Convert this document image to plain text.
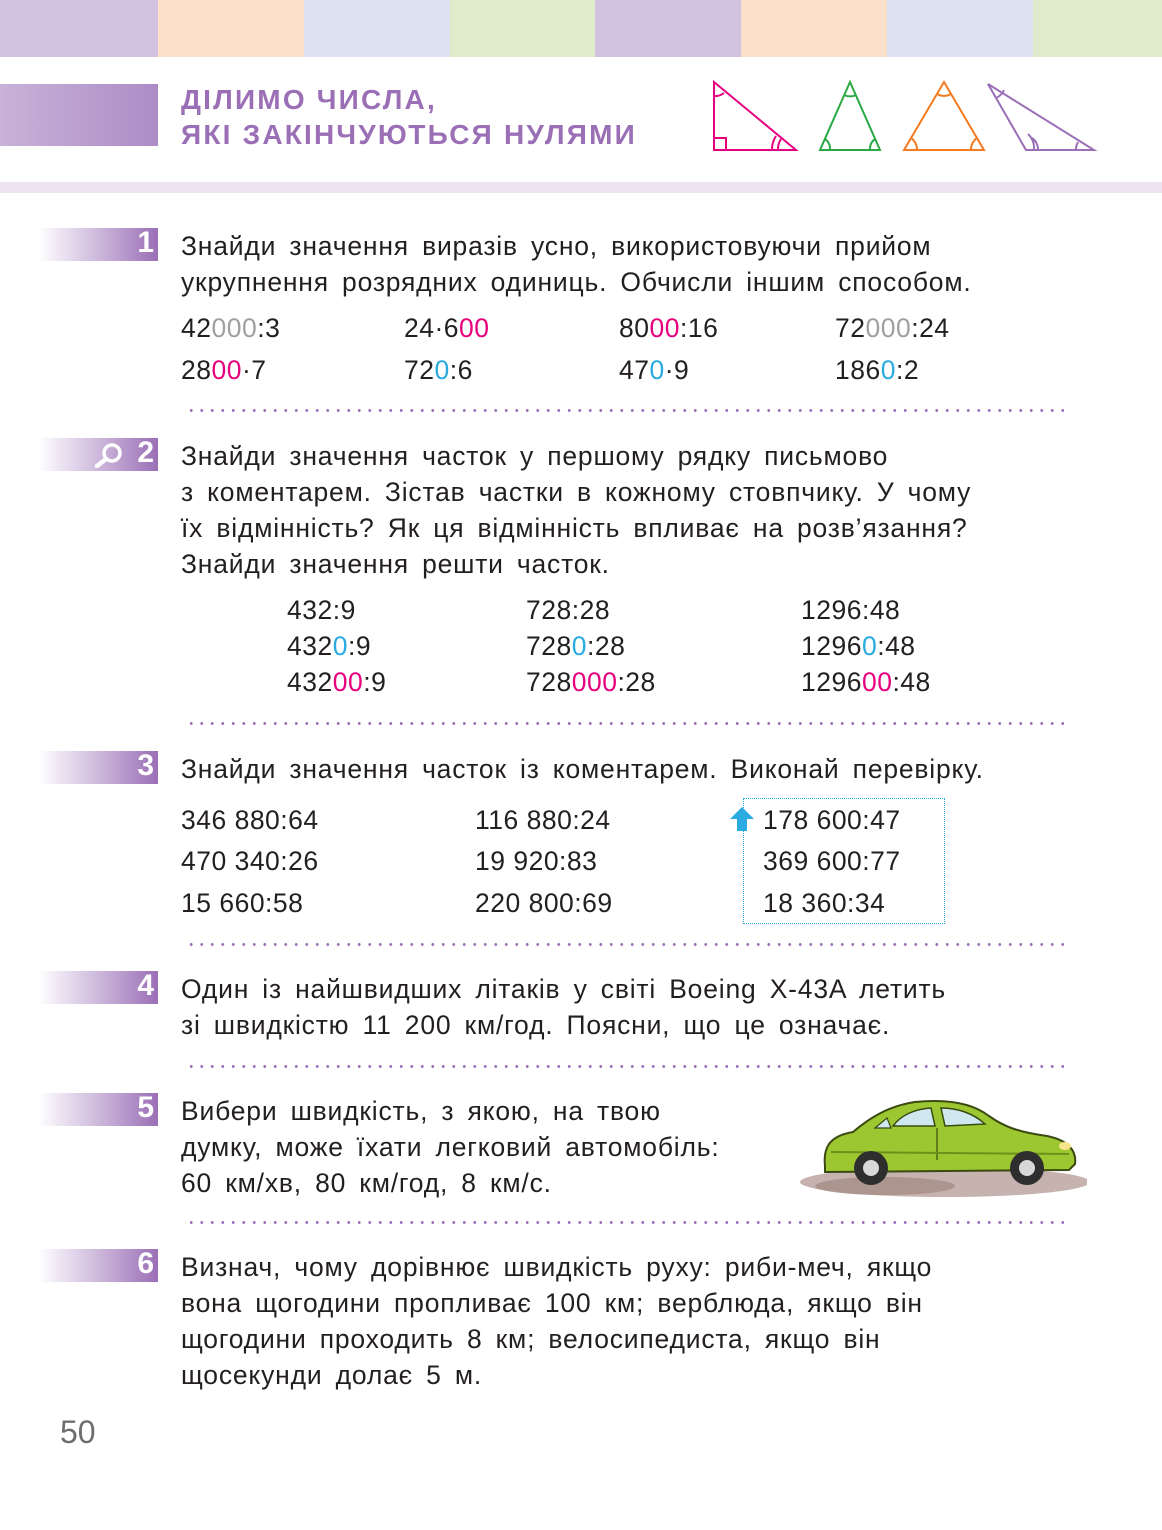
ДІЛИМО ЧИСЛА,
ЯКІ ЗАКІНЧУЮТЬСЯ НУЛЯМИ
1 Знайди значення виразів усно, використовуючи прийом
укрупнення розрядних одиниць. Обчисли іншим способом.
42000:3	24·600	8000:16	72000:24
2800·7	720:6	470·9	1860:2
2 Знайди значення часток у першому рядку письмово
з коментарем. Зістав частки в кожному стовпчику. У чому
їх відмінність? Як ця відмінність впливає на розв’язання?
Знайди значення решти часток.
432:9	728:28	1296:48
4320:9	7280:28	12960:48
43200:9	728000:28	129600:48
3 Знайди значення часток із коментарем. Виконай перевірку.
346 880:64	116 880:24	178 600:47
470 340:26	19 920:83	369 600:77
15 660:58	220 800:69	18 360:34
4 Один із найшвидших літаків у світі Boeing X-43A летить
зі швидкістю 11 200 км/год. Поясни, що це означає.
5 Вибери швидкість, з якою, на твою
думку, може їхати легковий автомобіль:
60 км/хв, 80 км/год, 8 км/с.
6 Визнач, чому дорівнює швидкість руху: риби-меч, якщо
вона щогодини пропливає 100 км; верблюда, якщо він
щогодини проходить 8 км; велосипедиста, якщо він
щосекунди долає 5 м.
50
